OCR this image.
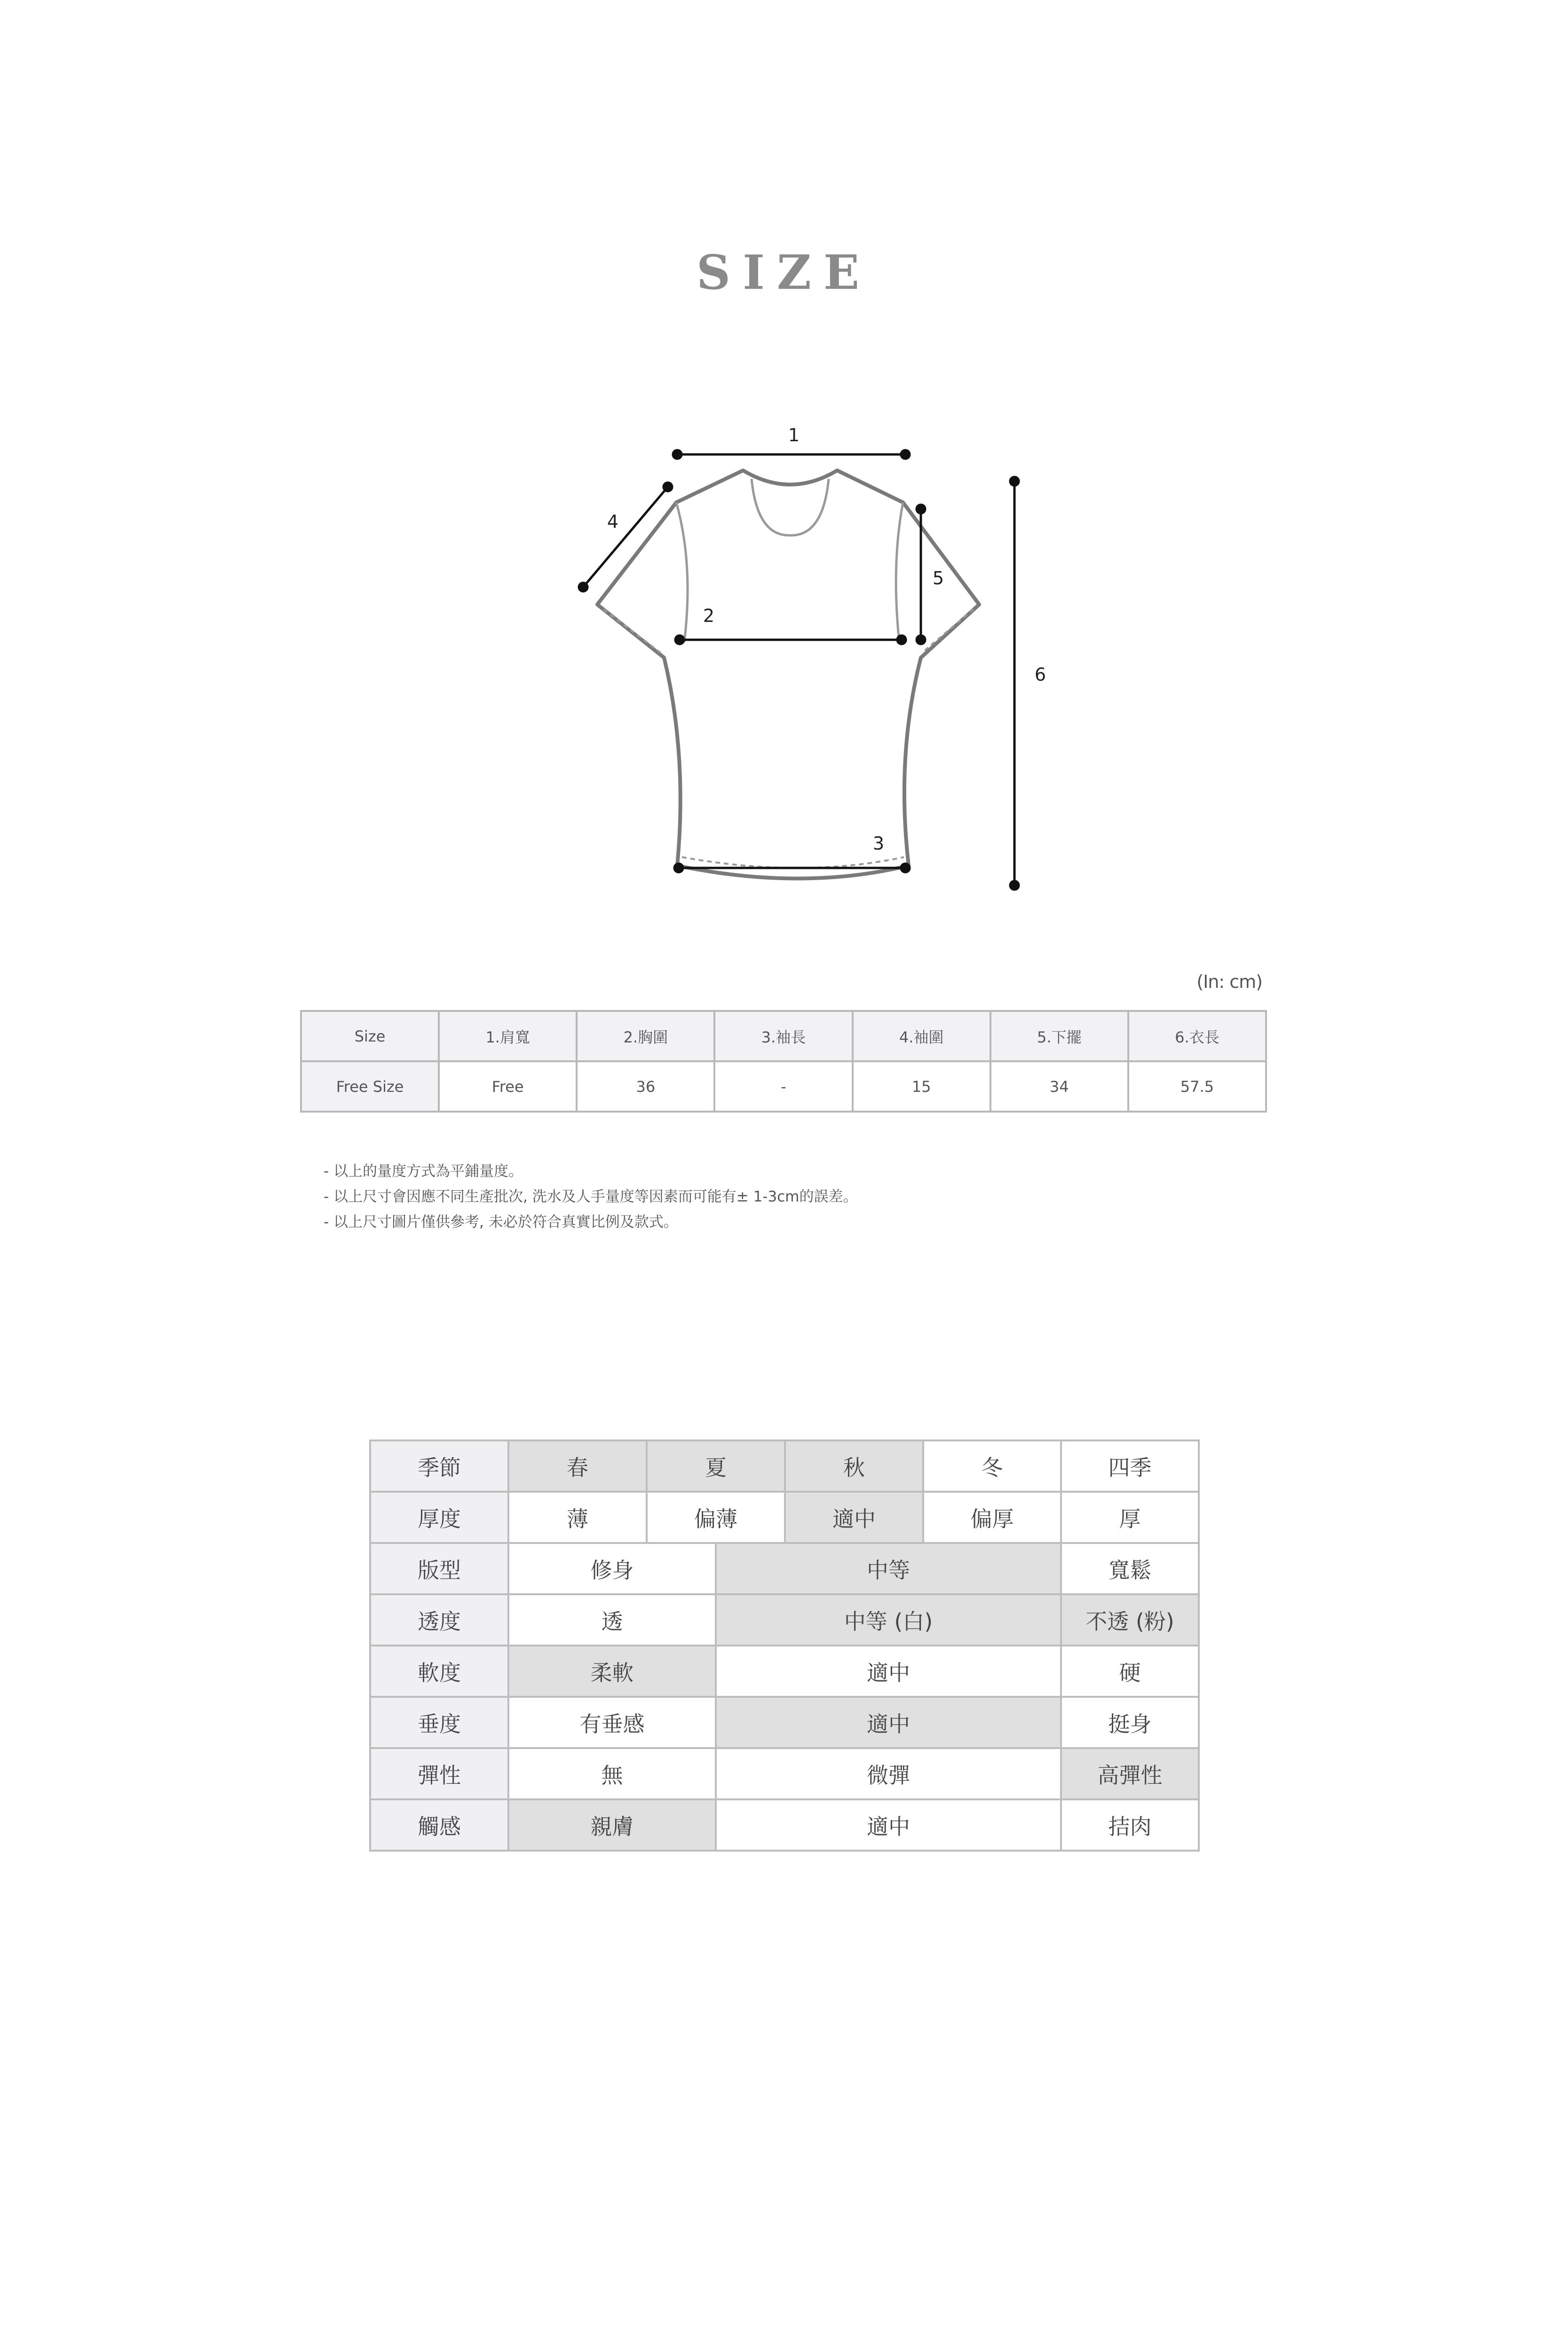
SIZE
1
2
3
4
5
6
(In: cm)
Size	1.肩寬	2.胸圍	3.袖長	4.袖圍	5.下擺	6.衣長
Free Size	Free	36	-	15	34	57.5
- 以上的量度方式為平鋪量度。
- 以上尺寸會因應不同生產批次, 洗水及人手量度等因素而可能有± 1-3cm的誤差。
- 以上尺寸圖片僅供參考, 未必於符合真實比例及款式。
季節	春	夏		秋	冬	四季
厚度	薄	偏薄		適中	偏厚	厚
版型	修身		中等			寬鬆
透度	透		中等 (白)			不透 (粉)
軟度	柔軟		適中			硬
垂度	有垂感		適中			挺身
彈性	無		微彈			高彈性
觸感	親膚		適中			拮肉
